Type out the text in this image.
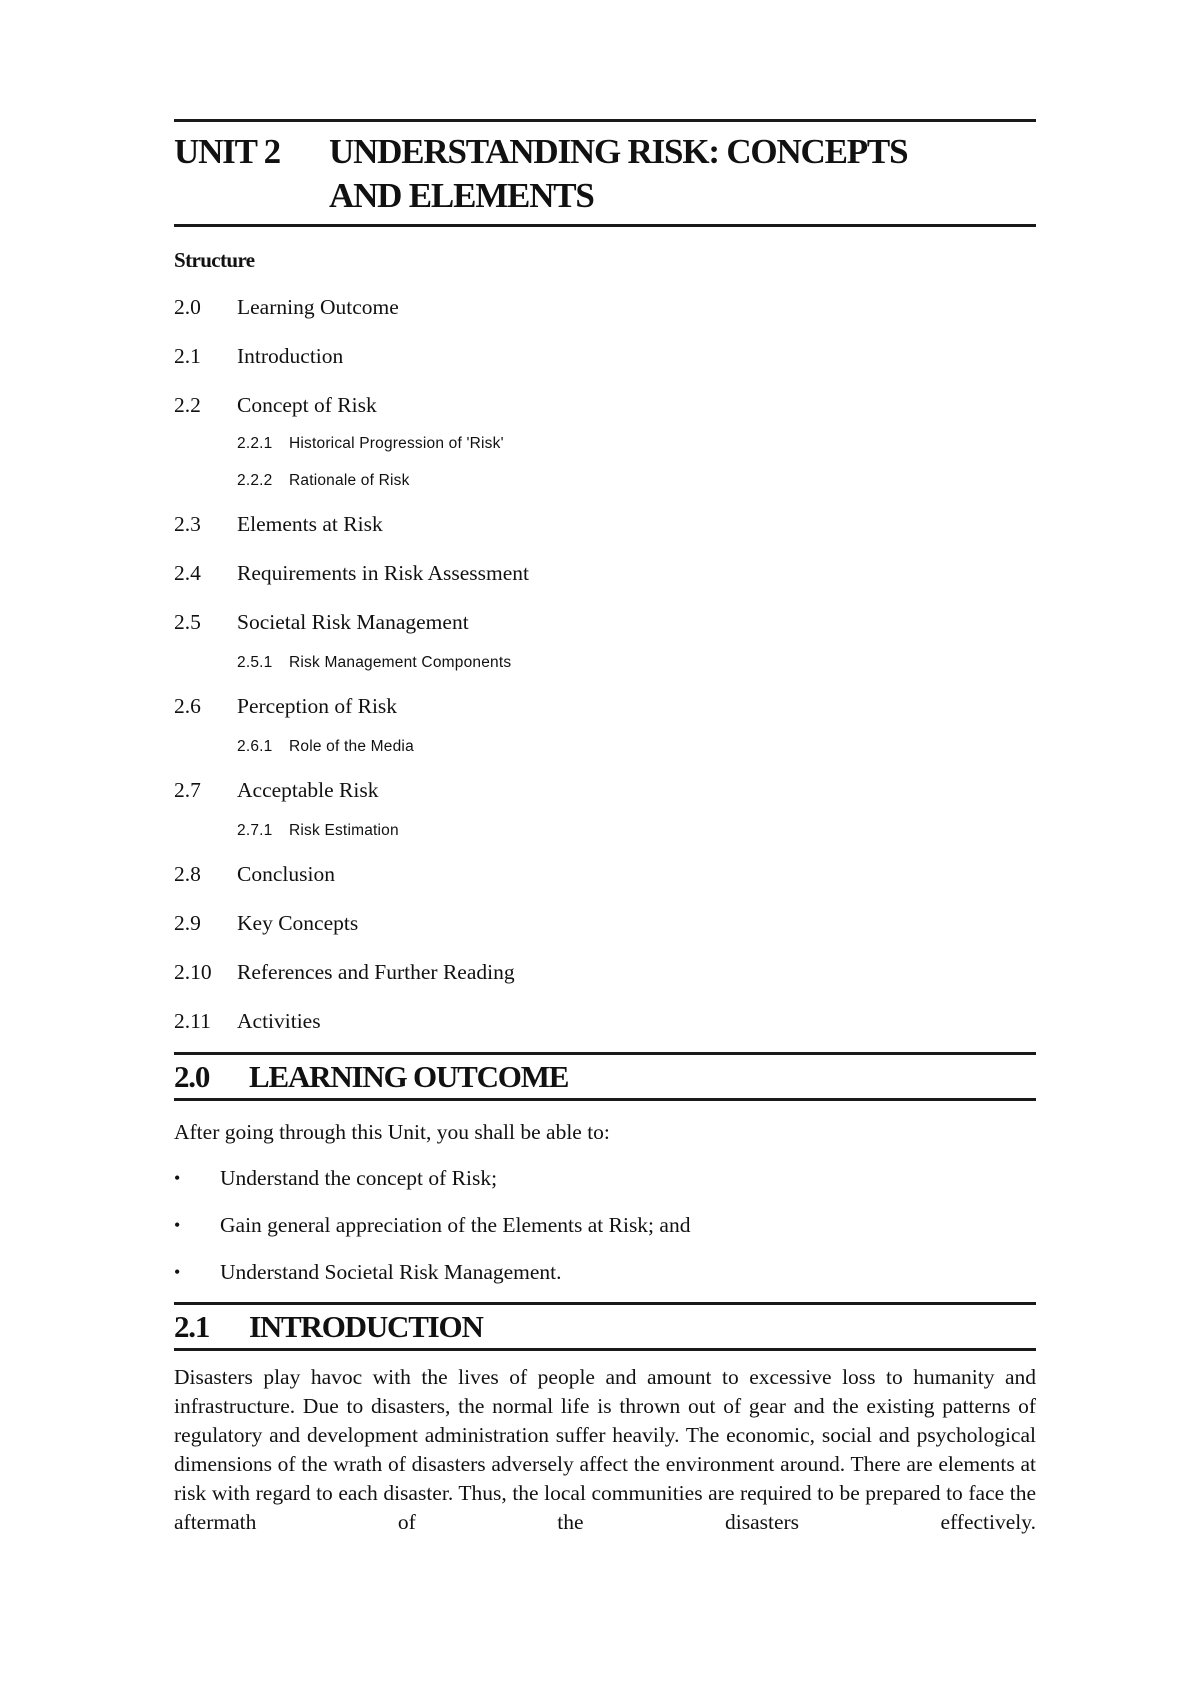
UNIT 2	UNDERSTANDING RISK: CONCEPTS
AND ELEMENTS
Structure
2.0	Learning Outcome
2.1	Introduction
2.2	Concept of Risk
2.2.1	Historical Progression of 'Risk'
2.2.2	Rationale of Risk
2.3	Elements at Risk
2.4	Requirements in Risk Assessment
2.5	Societal Risk Management
2.5.1	Risk Management Components
2.6	Perception of Risk
2.6.1	Role of the Media
2.7	Acceptable Risk
2.7.1	Risk Estimation
2.8	Conclusion
2.9	Key Concepts
2.10	References and Further Reading
2.11	Activities
2.0	LEARNING OUTCOME

After going through this Unit, you shall be able to:

•	Understand the concept of Risk;
•	Gain general appreciation of the Elements at Risk; and
•	Understand Societal Risk Management.
2.1	INTRODUCTION

Disasters play havoc with the lives of people and amount to excessive loss to humanity and infrastructure. Due to disasters, the normal life is thrown out of gear and the existing patterns of regulatory and development administration suffer heavily. The economic, social and psychological dimensions of the wrath of disasters adversely affect the environment around. There are elements at risk with regard to each disaster. Thus, the local communities are required to be prepared to face the aftermath of the disasters effectively.
